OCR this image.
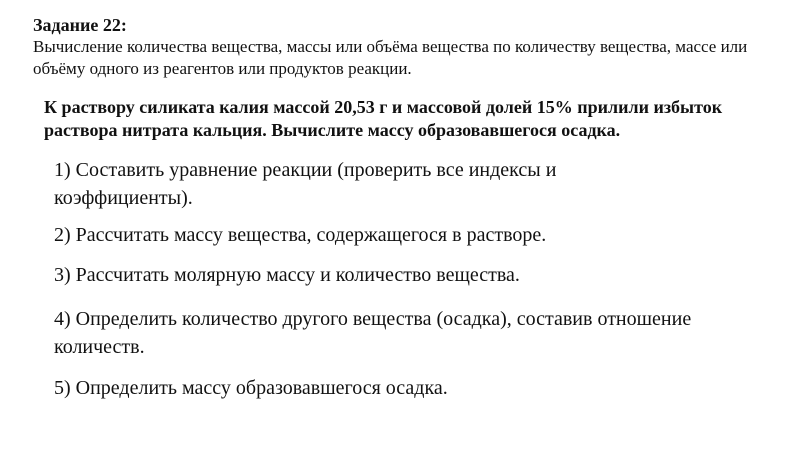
Задание 22:

Вычисление количества вещества, массы или объёма вещества по количеству вещества, массе или объёму одного из реагентов или продуктов реакции.

К раствору силиката калия массой 20,53 г и массовой долей 15% прилили избыток раствора нитрата кальция. Вычислите массу образовавшегося осадка.
1) Составить уравнение реакции (проверить все индексы и коэффициенты).
2) Рассчитать массу вещества, содержащегося в растворе.
3) Рассчитать молярную массу и количество вещества.
4) Определить количество другого вещества (осадка), составив отношение количеств.
5) Определить массу образовавшегося осадка.
